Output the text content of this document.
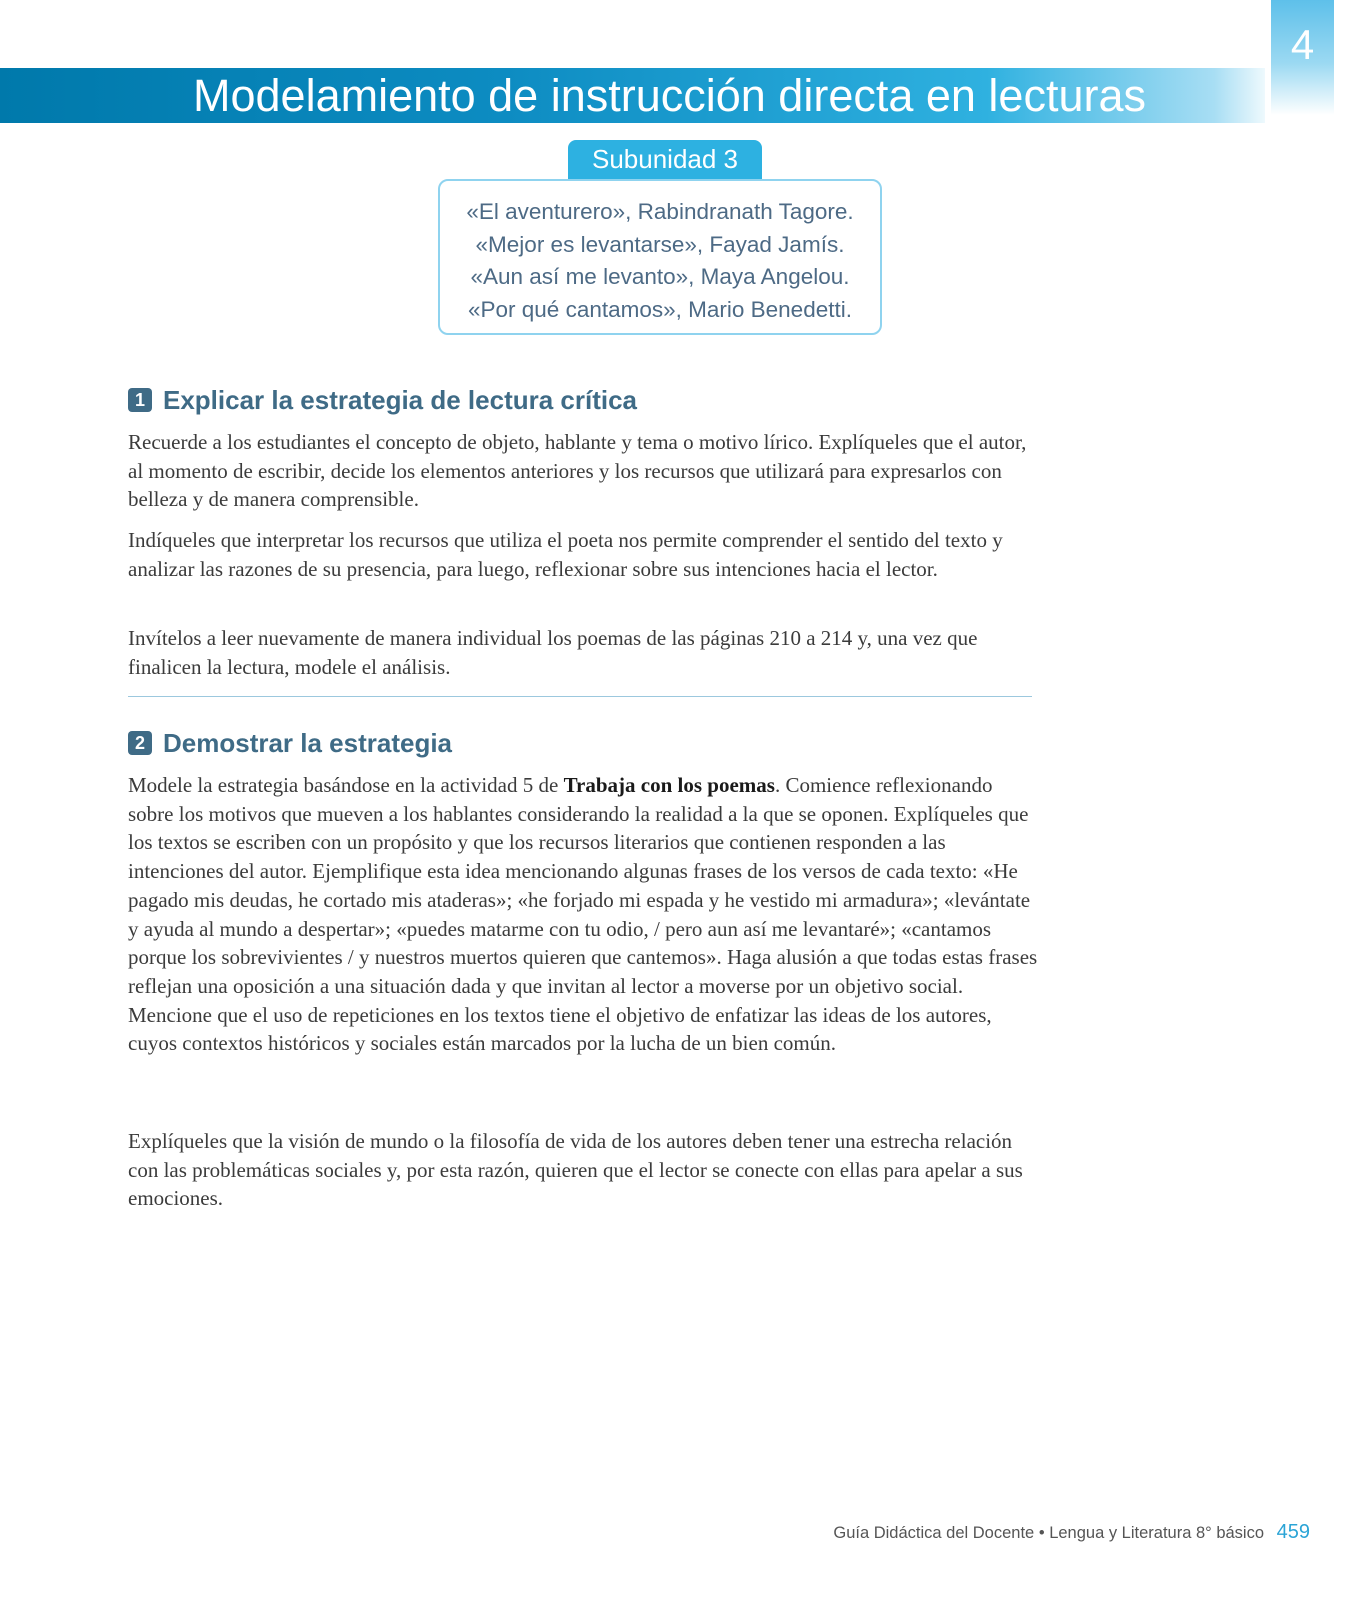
4
Modelamiento de instrucción directa en lecturas
Subunidad 3
«El aventurero», Rabindranath Tagore.
«Mejor es levantarse», Fayad Jamís.
«Aun así me levanto», Maya Angelou.
«Por qué cantamos», Mario Benedetti.
1 Explicar la estrategia de lectura crítica

Recuerde a los estudiantes el concepto de objeto, hablante y tema o motivo lírico. Explíqueles que el autor, al momento de escribir, decide los elementos anteriores y los recursos que utilizará para expresarlos con belleza y de manera comprensible.

Indíqueles que interpretar los recursos que utiliza el poeta nos permite comprender el sentido del texto y analizar las razones de su presencia, para luego, reflexionar sobre sus intenciones hacia el lector.

Invítelos a leer nuevamente de manera individual los poemas de las páginas 210 a 214 y, una vez que finalicen la lectura, modele el análisis.

2 Demostrar la estrategia

Modele la estrategia basándose en la actividad 5 de Trabaja con los poemas. Comience reflexionando sobre los motivos que mueven a los hablantes considerando la realidad a la que se oponen. Explíqueles que los textos se escriben con un propósito y que los recursos literarios que contienen responden a las intenciones del autor. Ejemplifique esta idea mencionando algunas frases de los versos de cada texto: «He pagado mis deudas, he cortado mis ataderas»; «he forjado mi espada y he vestido mi armadura»; «levántate y ayuda al mundo a despertar»; «puedes matarme con tu odio, / pero aun así me levantaré»; «cantamos porque los sobrevivientes / y nuestros muertos quieren que cantemos». Haga alusión a que todas estas frases reflejan una oposición a una situación dada y que invitan al lector a moverse por un objetivo social. Mencione que el uso de repeticiones en los textos tiene el objetivo de enfatizar las ideas de los autores, cuyos contextos históricos y sociales están marcados por la lucha de un bien común.

Explíqueles que la visión de mundo o la filosofía de vida de los autores deben tener una estrecha relación con las problemáticas sociales y, por esta razón, quieren que el lector se conecte con ellas para apelar a sus emociones.

Guía Didáctica del Docente • Lengua y Literatura 8° básico 459
